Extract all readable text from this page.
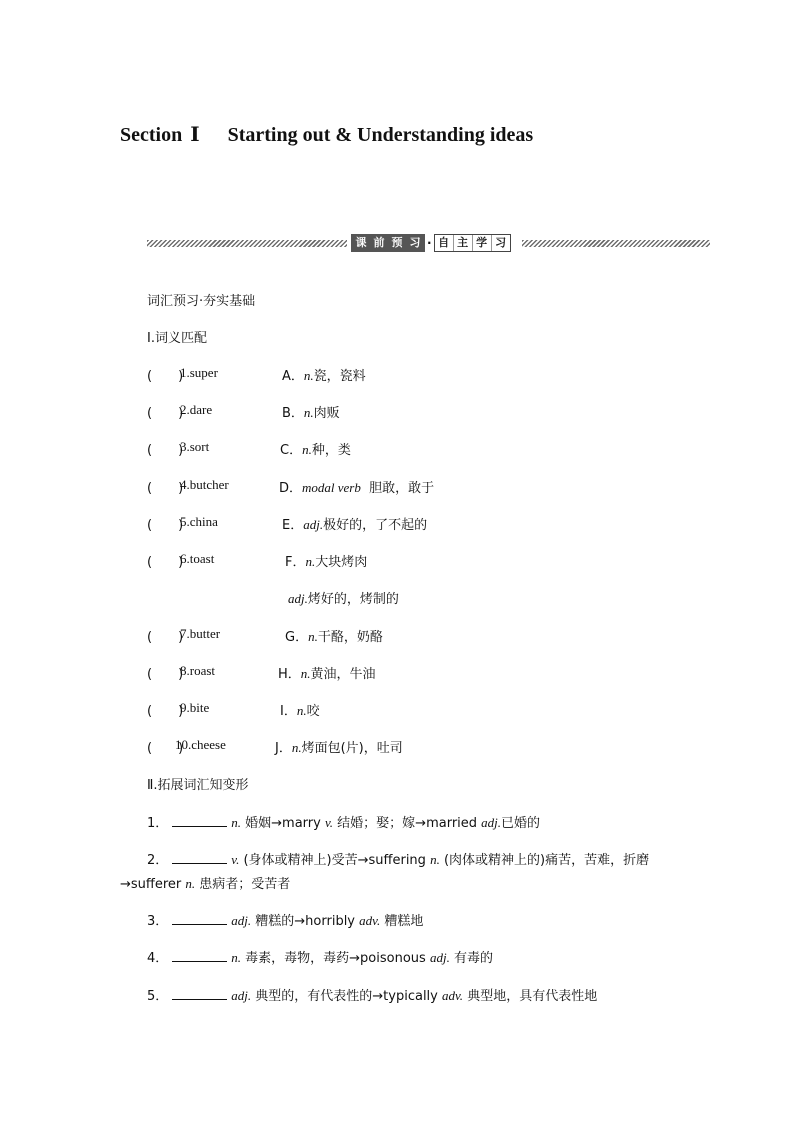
Section Ⅰ Starting out & Understanding ideas
课 前 预 习 · 自 主 学 习
词汇预习·夯实基础
Ⅰ.词义匹配
(　　)
1.super	A．n.瓷，瓷料
(　　)
2.dare	B．n.肉贩
(　　)
3.sort	C．n.种，类
(　　)
4.butcher	D．modal verb  胆敢，敢于
(　　)
5.china	E．adj.极好的，了不起的
(　　)
6.toast	F．n.大块烤肉
adj.烤好的，烤制的
(　　)
7.butter	G．n.干酪，奶酪
(　　)
8.roast	H．n.黄油，牛油
(　　)
9.bite	I．n.咬
(　　)
10.cheese	J．n.烤面包(片)，吐司
Ⅱ.拓展词汇知变形
1．	n. 婚姻→marry v. 结婚；娶；嫁→married adj.已婚的
2．	v. (身体或精神上)受苦→suffering n. (肉体或精神上的)痛苦，苦难，折磨
→sufferer n. 患病者；受苦者
3．	adj. 糟糕的→horribly adv. 糟糕地
4．	n. 毒素，毒物，毒药→poisonous adj. 有毒的
5．	adj. 典型的，有代表性的→typically adv. 典型地，具有代表性地
